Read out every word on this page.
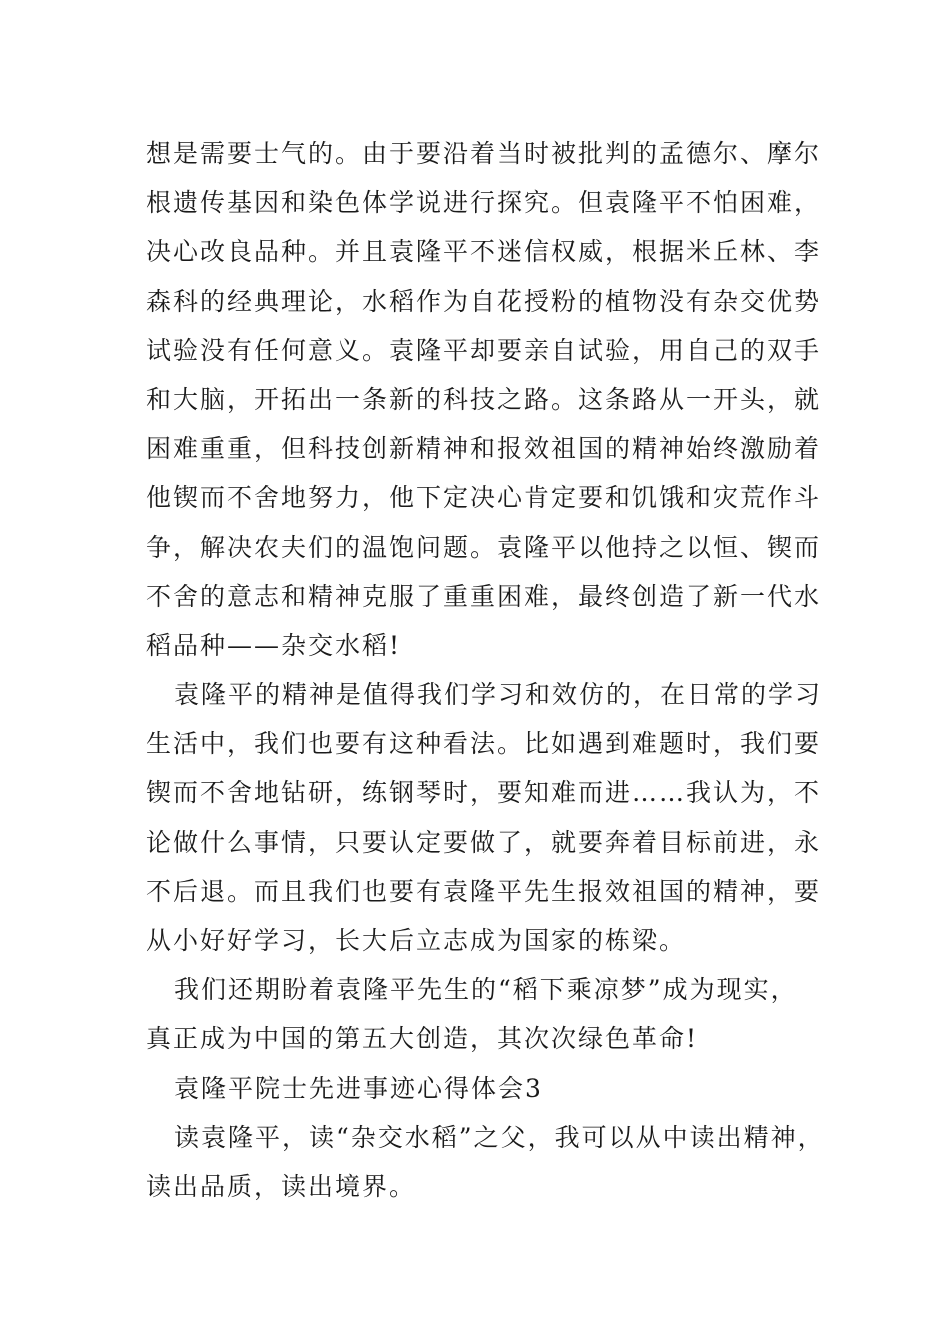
想是需要士气的。由于要沿着当时被批判的孟德尔、摩尔
根遗传基因和染色体学说进行探究。但袁隆平不怕困难，
决心改良品种。并且袁隆平不迷信权威，根据米丘林、李
森科的经典理论，水稻作为自花授粉的植物没有杂交优势
试验没有任何意义。袁隆平却要亲自试验，用自己的双手
和大脑，开拓出一条新的科技之路。这条路从一开头，就
困难重重，但科技创新精神和报效祖国的精神始终激励着
他锲而不舍地努力，他下定决心肯定要和饥饿和灾荒作斗
争，解决农夫们的温饱问题。袁隆平以他持之以恒、锲而
不舍的意志和精神克服了重重困难，最终创造了新一代水
稻品种——杂交水稻!
袁隆平的精神是值得我们学习和效仿的，在日常的学习
生活中，我们也要有这种看法。比如遇到难题时，我们要
锲而不舍地钻研，练钢琴时，要知难而进……我认为，不
论做什么事情，只要认定要做了，就要奔着目标前进，永
不后退。而且我们也要有袁隆平先生报效祖国的精神，要
从小好好学习，长大后立志成为国家的栋梁。
我们还期盼着袁隆平先生的“稻下乘凉梦”成为现实，
真正成为中国的第五大创造，其次次绿色革命!
袁隆平院士先进事迹心得体会3
读袁隆平，读“杂交水稻”之父，我可以从中读出精神，
读出品质，读出境界。
